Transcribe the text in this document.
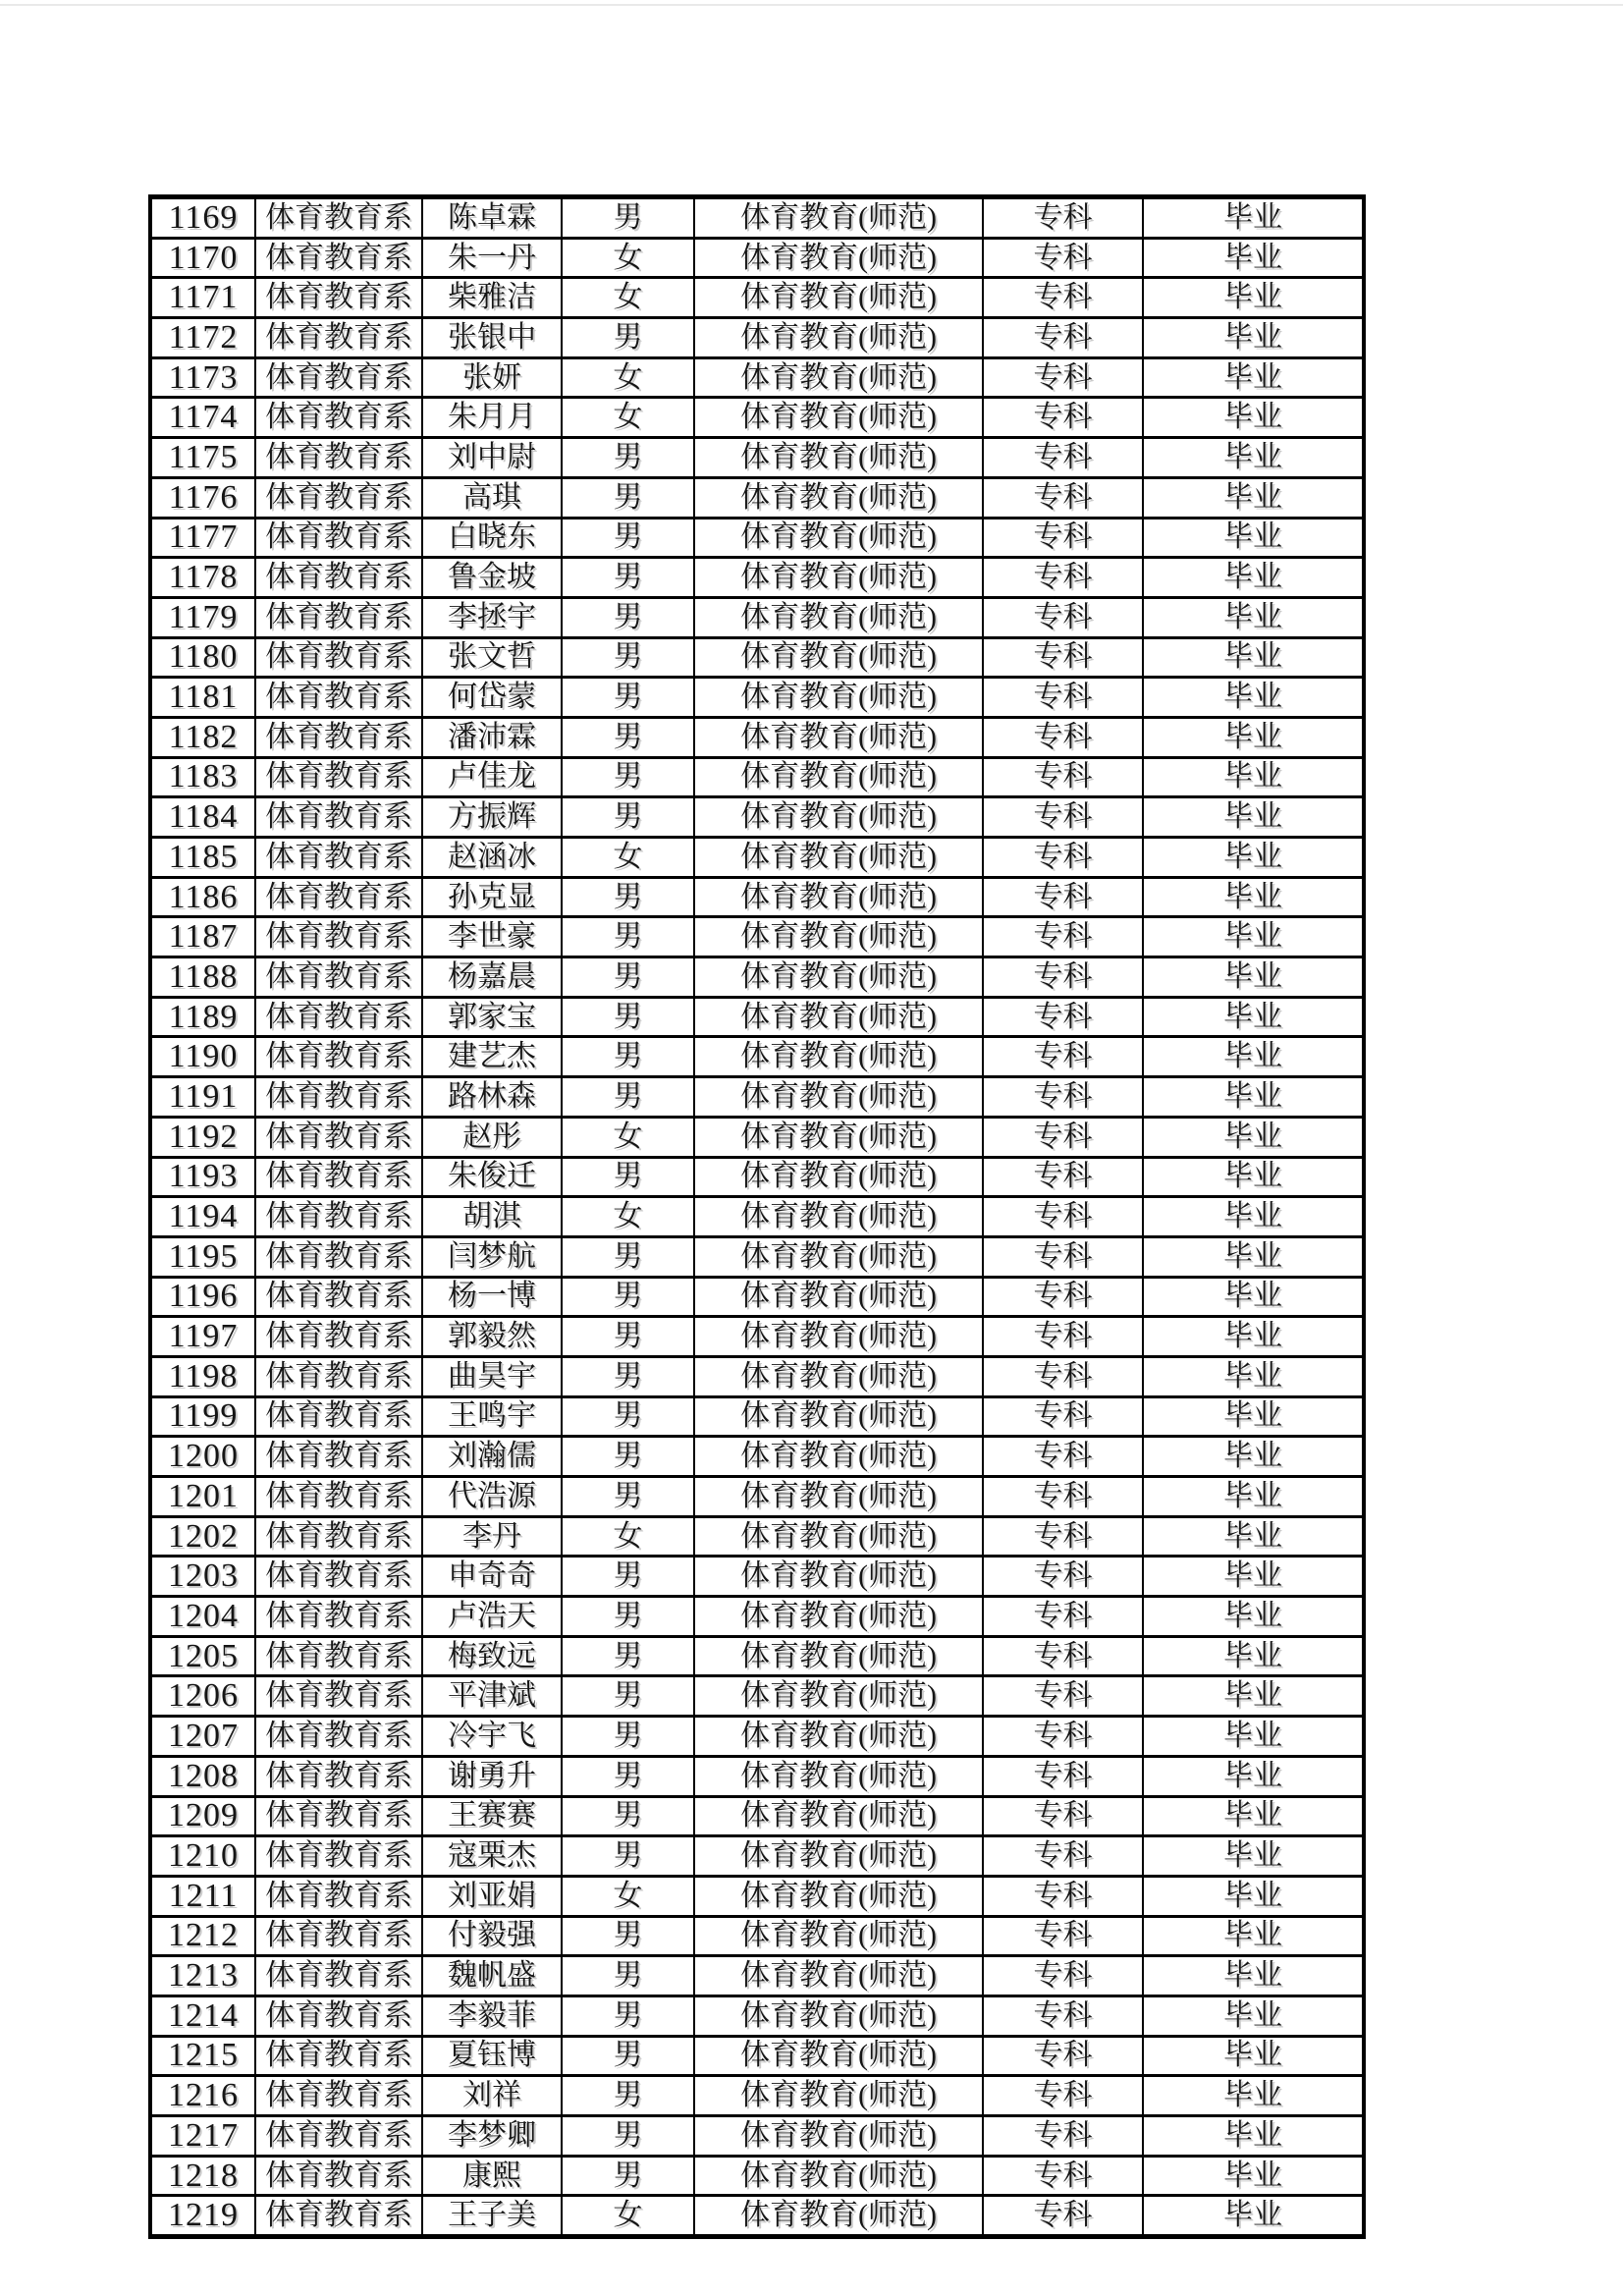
1169	体育教育系	陈卓霖	男	体育教育(师范)	专科	毕业
1170	体育教育系	朱一丹	女	体育教育(师范)	专科	毕业
1171	体育教育系	柴雅洁	女	体育教育(师范)	专科	毕业
1172	体育教育系	张银中	男	体育教育(师范)	专科	毕业
1173	体育教育系	张妍	女	体育教育(师范)	专科	毕业
1174	体育教育系	朱月月	女	体育教育(师范)	专科	毕业
1175	体育教育系	刘中尉	男	体育教育(师范)	专科	毕业
1176	体育教育系	高琪	男	体育教育(师范)	专科	毕业
1177	体育教育系	白晓东	男	体育教育(师范)	专科	毕业
1178	体育教育系	鲁金坡	男	体育教育(师范)	专科	毕业
1179	体育教育系	李拯宇	男	体育教育(师范)	专科	毕业
1180	体育教育系	张文哲	男	体育教育(师范)	专科	毕业
1181	体育教育系	何岱蒙	男	体育教育(师范)	专科	毕业
1182	体育教育系	潘沛霖	男	体育教育(师范)	专科	毕业
1183	体育教育系	卢佳龙	男	体育教育(师范)	专科	毕业
1184	体育教育系	方振辉	男	体育教育(师范)	专科	毕业
1185	体育教育系	赵涵冰	女	体育教育(师范)	专科	毕业
1186	体育教育系	孙克显	男	体育教育(师范)	专科	毕业
1187	体育教育系	李世豪	男	体育教育(师范)	专科	毕业
1188	体育教育系	杨嘉晨	男	体育教育(师范)	专科	毕业
1189	体育教育系	郭家宝	男	体育教育(师范)	专科	毕业
1190	体育教育系	建艺杰	男	体育教育(师范)	专科	毕业
1191	体育教育系	路林森	男	体育教育(师范)	专科	毕业
1192	体育教育系	赵彤	女	体育教育(师范)	专科	毕业
1193	体育教育系	朱俊迁	男	体育教育(师范)	专科	毕业
1194	体育教育系	胡淇	女	体育教育(师范)	专科	毕业
1195	体育教育系	闫梦航	男	体育教育(师范)	专科	毕业
1196	体育教育系	杨一博	男	体育教育(师范)	专科	毕业
1197	体育教育系	郭毅然	男	体育教育(师范)	专科	毕业
1198	体育教育系	曲昊宇	男	体育教育(师范)	专科	毕业
1199	体育教育系	王鸣宇	男	体育教育(师范)	专科	毕业
1200	体育教育系	刘瀚儒	男	体育教育(师范)	专科	毕业
1201	体育教育系	代浩源	男	体育教育(师范)	专科	毕业
1202	体育教育系	李丹	女	体育教育(师范)	专科	毕业
1203	体育教育系	申奇奇	男	体育教育(师范)	专科	毕业
1204	体育教育系	卢浩天	男	体育教育(师范)	专科	毕业
1205	体育教育系	梅致远	男	体育教育(师范)	专科	毕业
1206	体育教育系	平津斌	男	体育教育(师范)	专科	毕业
1207	体育教育系	冷宇飞	男	体育教育(师范)	专科	毕业
1208	体育教育系	谢勇升	男	体育教育(师范)	专科	毕业
1209	体育教育系	王赛赛	男	体育教育(师范)	专科	毕业
1210	体育教育系	寇栗杰	男	体育教育(师范)	专科	毕业
1211	体育教育系	刘亚娟	女	体育教育(师范)	专科	毕业
1212	体育教育系	付毅强	男	体育教育(师范)	专科	毕业
1213	体育教育系	魏帆盛	男	体育教育(师范)	专科	毕业
1214	体育教育系	李毅菲	男	体育教育(师范)	专科	毕业
1215	体育教育系	夏钰博	男	体育教育(师范)	专科	毕业
1216	体育教育系	刘祥	男	体育教育(师范)	专科	毕业
1217	体育教育系	李梦卿	男	体育教育(师范)	专科	毕业
1218	体育教育系	康熙	男	体育教育(师范)	专科	毕业
1219	体育教育系	王子美	女	体育教育(师范)	专科	毕业
